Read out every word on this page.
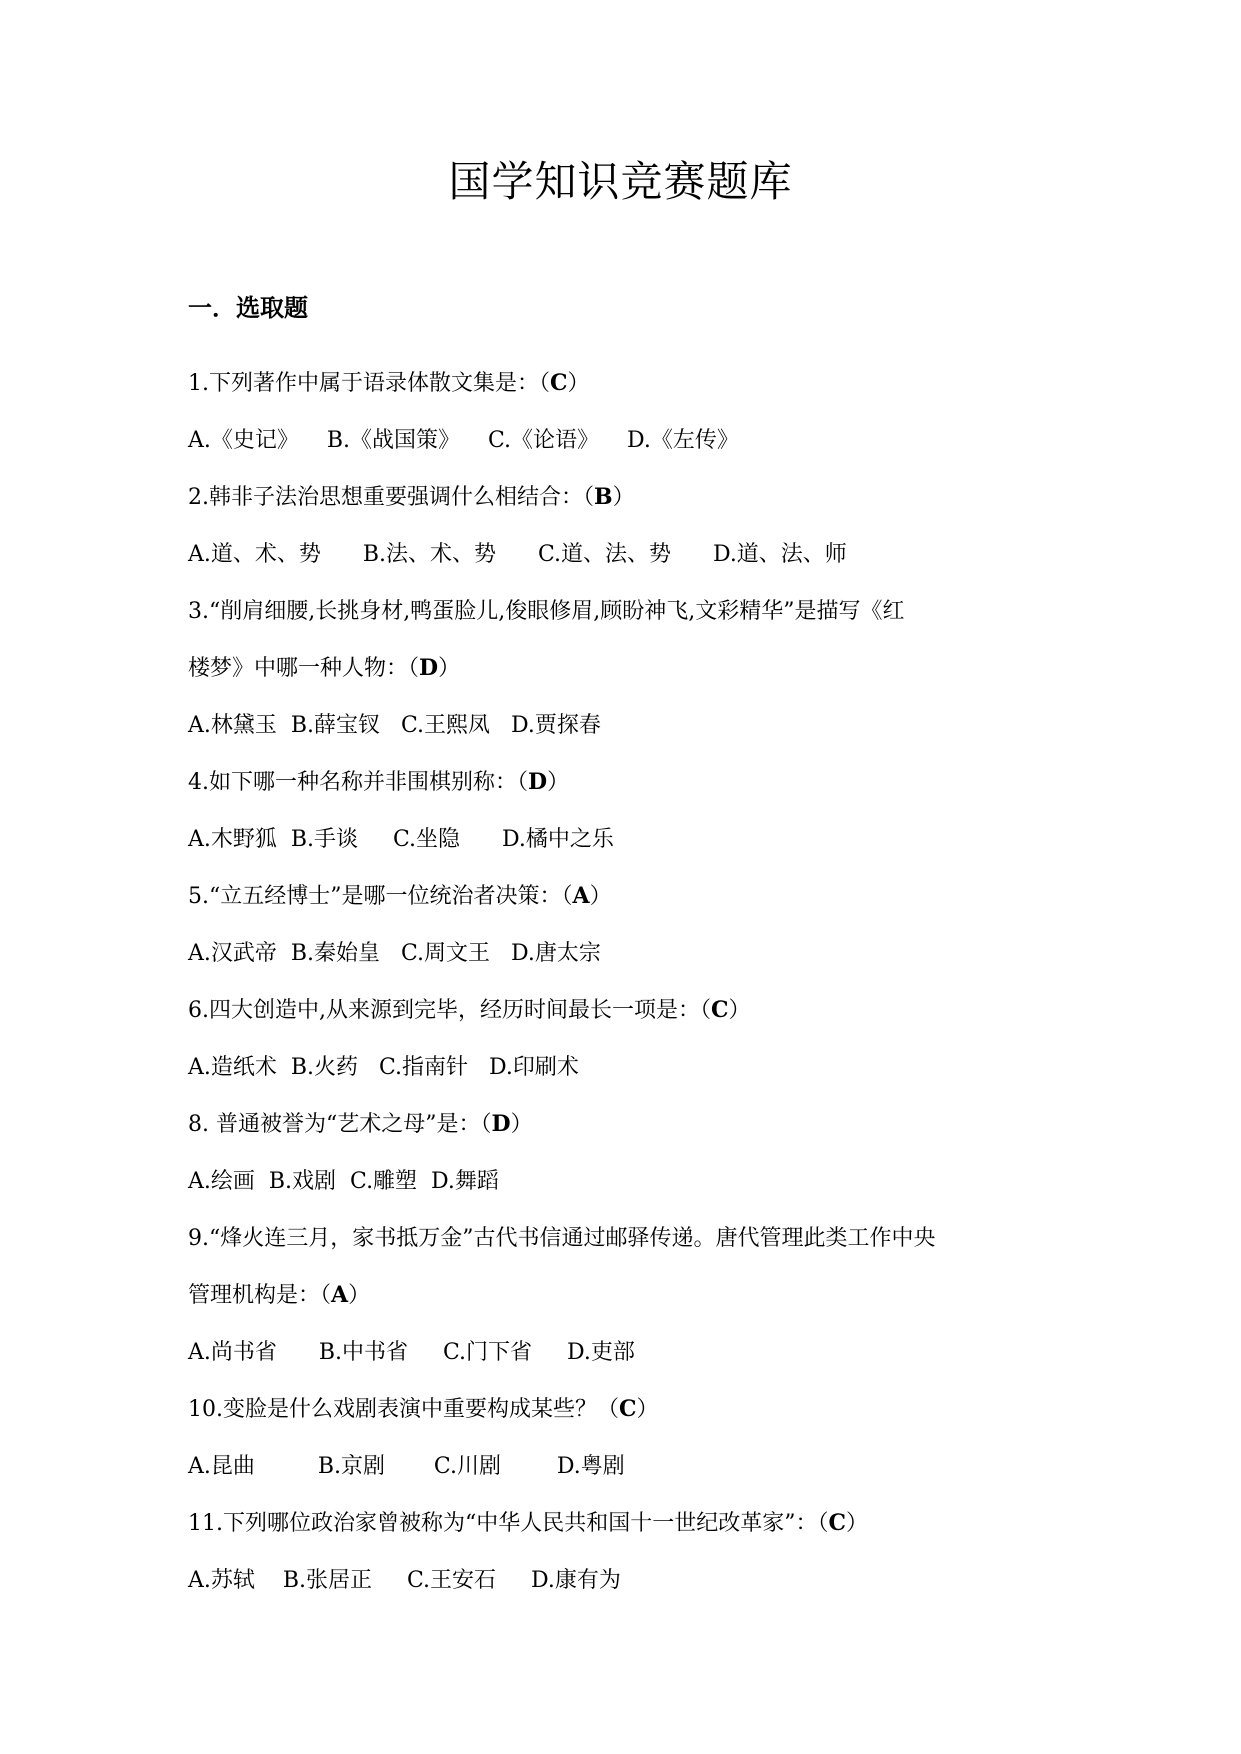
国学知识竞赛题库
一．选取题
1.下列著作中属于语录体散文集是：（C）
A.《史记》    B.《战国策》    C.《论语》    D.《左传》
2.韩非子法治思想重要强调什么相结合：（B）
A.道、术、势      B.法、术、势      C.道、法、势      D.道、法、师
3.“削肩细腰,长挑身材,鸭蛋脸儿,俊眼修眉,顾盼神飞,文彩精华”是描写《红
楼梦》中哪一种人物：（D）
A.林黛玉  B.薛宝钗   C.王熙凤   D.贾探春
4.如下哪一种名称并非围棋别称：（D）
A.木野狐  B.手谈     C.坐隐      D.橘中之乐
5.“立五经博士”是哪一位统治者决策：（A）
A.汉武帝  B.秦始皇   C.周文王   D.唐太宗
6.四大创造中,从来源到完毕，经历时间最长一项是：（C）
A.造纸术  B.火药   C.指南针   D.印刷术
8. 普通被誉为“艺术之母”是：（D）
A.绘画  B.戏剧  C.雕塑  D.舞蹈
9.“烽火连三月，家书抵万金”古代书信通过邮驿传递。唐代管理此类工作中央
管理机构是：（A）
A.尚书省      B.中书省     C.门下省     D.吏部
10.变脸是什么戏剧表演中重要构成某些？（C）
A.昆曲         B.京剧       C.川剧        D.粤剧
11.下列哪位政治家曾被称为“中华人民共和国十一世纪改革家”：（C）
A.苏轼    B.张居正     C.王安石     D.康有为
